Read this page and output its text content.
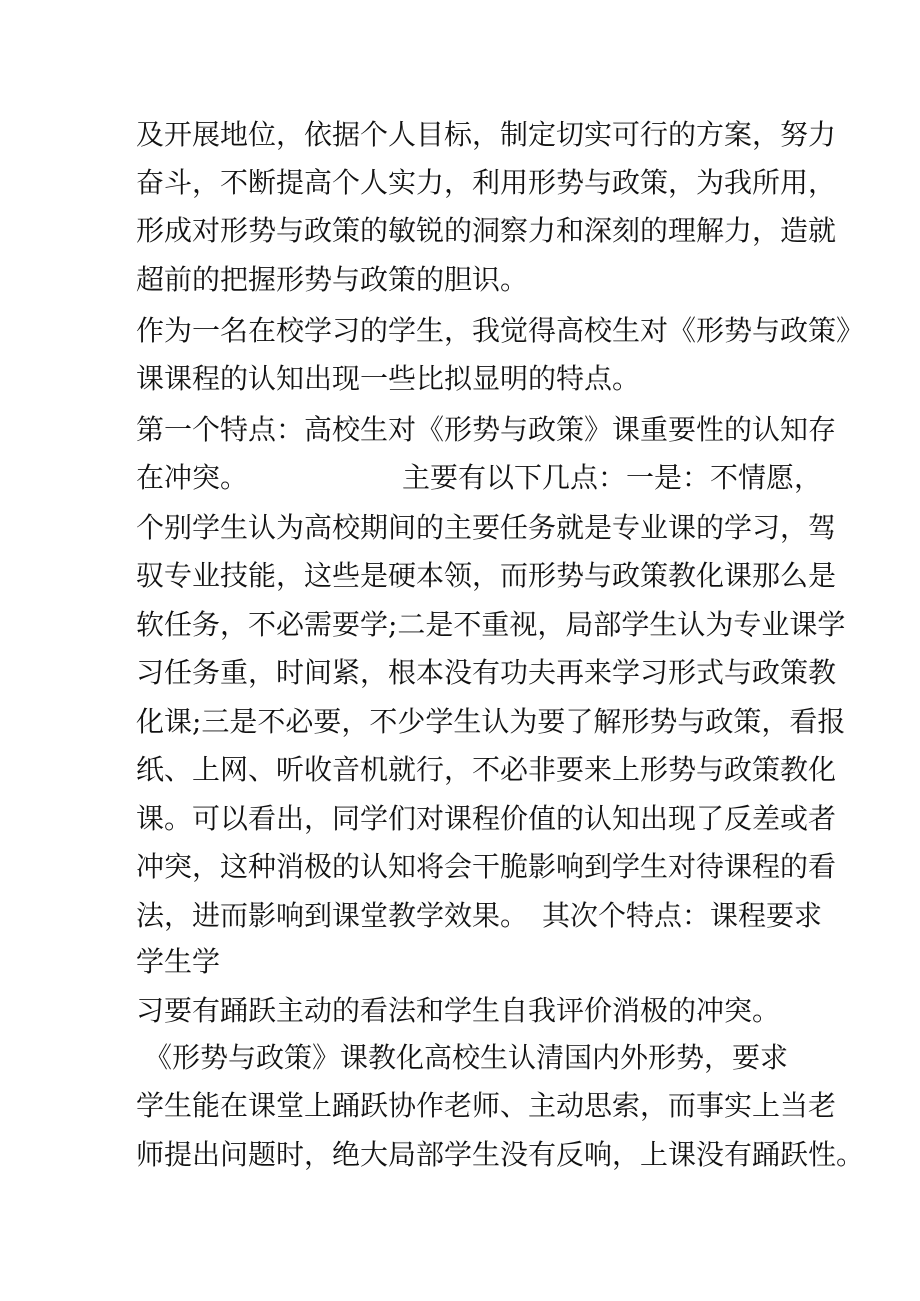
及开展地位，依据个人目标，制定切实可行的方案，努力

奋斗，不断提高个人实力，利用形势与政策，为我所用，

形成对形势与政策的敏锐的洞察力和深刻的理解力，造就

超前的把握形势与政策的胆识。

作为一名在校学习的学生，我觉得高校生对《形势与政策》

课课程的认知出现一些比拟显明的特点。

第一个特点：高校生对《形势与政策》课重要性的认知存

在冲突。　　　　　　主要有以下几点：一是：不情愿，

个别学生认为高校期间的主要任务就是专业课的学习，驾

驭专业技能，这些是硬本领，而形势与政策教化课那么是

软任务，不必需要学;二是不重视，局部学生认为专业课学

习任务重，时间紧，根本没有功夫再来学习形式与政策教

化课;三是不必要，不少学生认为要了解形势与政策，看报

纸、上网、听收音机就行，不必非要来上形势与政策教化

课。可以看出，同学们对课程价值的认知出现了反差或者

冲突，这种消极的认知将会干脆影响到学生对待课程的看

法，进而影响到课堂教学效果。　其次个特点：课程要求

学生学

习要有踊跃主动的看法和学生自我评价消极的冲突。

《形势与政策》课教化高校生认清国内外形势，要求

学生能在课堂上踊跃协作老师、主动思索，而事实上当老

师提出问题时，绝大局部学生没有反响，上课没有踊跃性。
